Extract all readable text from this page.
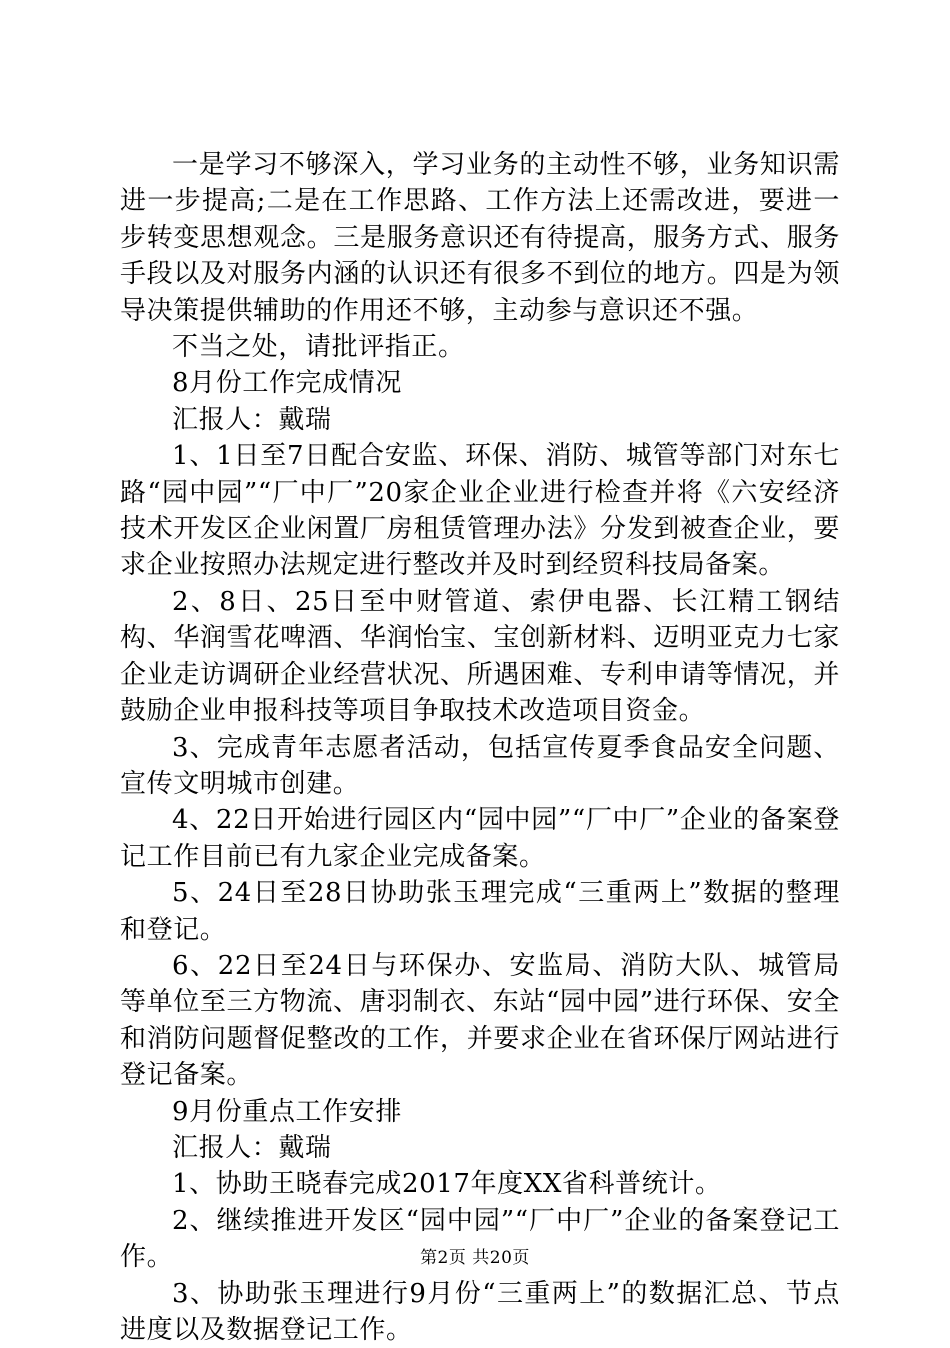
一是学习不够深入，学习业务的主动性不够，业务知识需进一步提高;二是在工作思路、工作方法上还需改进，要进一步转变思想观念。三是服务意识还有待提高，服务方式、服务手段以及对服务内涵的认识还有很多不到位的地方。四是为领导决策提供辅助的作用还不够，主动参与意识还不强。

不当之处，请批评指正。

8月份工作完成情况

汇报人：戴瑞

1、1日至7日配合安监、环保、消防、城管等部门对东七路“园中园”“厂中厂”20家企业企业进行检查并将《六安经济技术开发区企业闲置厂房租赁管理办法》分发到被查企业，要求企业按照办法规定进行整改并及时到经贸科技局备案。

2、8日、25日至中财管道、索伊电器、长江精工钢结构、华润雪花啤酒、华润怡宝、宝创新材料、迈明亚克力七家企业走访调研企业经营状况、所遇困难、专利申请等情况，并鼓励企业申报科技等项目争取技术改造项目资金。

3、完成青年志愿者活动，包括宣传夏季食品安全问题、宣传文明城市创建。

4、22日开始进行园区内“园中园”“厂中厂”企业的备案登记工作目前已有九家企业完成备案。

5、24日至28日协助张玉理完成“三重两上”数据的整理和登记。

6、22日至24日与环保办、安监局、消防大队、城管局等单位至三方物流、唐羽制衣、东站“园中园”进行环保、安全和消防问题督促整改的工作，并要求企业在省环保厅网站进行登记备案。

9月份重点工作安排

汇报人：戴瑞

1、协助王晓春完成2017年度XX省科普统计。

2、继续推进开发区“园中园”“厂中厂”企业的备案登记工作。

3、协助张玉理进行9月份“三重两上”的数据汇总、节点进度以及数据登记工作。

第2页 共20页
